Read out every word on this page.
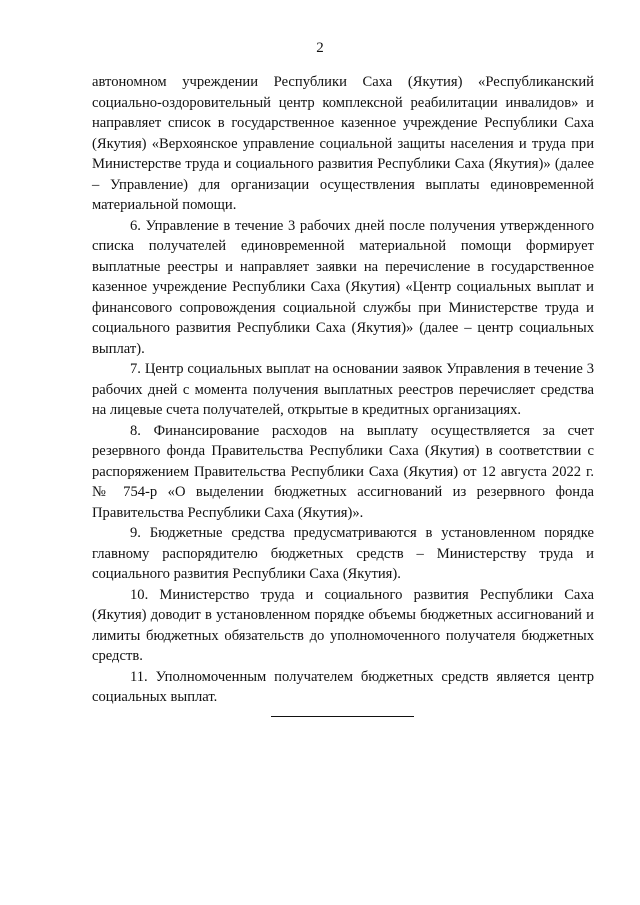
2

автономном учреждении Республики Саха (Якутия) «Республиканский социально-оздоровительный центр комплексной реабилитации инвалидов» и направляет список в государственное казенное учреждение Республики Саха (Якутия) «Верхоянское управление социальной защиты населения и труда при Министерстве труда и социального развития Республики Саха (Якутия)» (далее – Управление) для организации осуществления выплаты единовременной материальной помощи.

6. Управление в течение 3 рабочих дней после получения утвержденного списка получателей единовременной материальной помощи формирует выплатные реестры и направляет заявки на перечисление в государственное казенное учреждение Республики Саха (Якутия) «Центр социальных выплат и финансового сопровождения социальной службы при Министерстве труда и социального развития Республики Саха (Якутия)» (далее – центр социальных выплат).

7. Центр социальных выплат на основании заявок Управления в течение 3 рабочих дней с момента получения выплатных реестров перечисляет средства на лицевые счета получателей, открытые в кредитных организациях.

8. Финансирование расходов на выплату осуществляется за счет резервного фонда Правительства Республики Саха (Якутия) в соответствии с распоряжением Правительства Республики Саха (Якутия) от 12 августа 2022 г. № 754-р «О выделении бюджетных ассигнований из резервного фонда Правительства Республики Саха (Якутия)».

9. Бюджетные средства предусматриваются в установленном порядке главному распорядителю бюджетных средств – Министерству труда и социального развития Республики Саха (Якутия).

10. Министерство труда и социального развития Республики Саха (Якутия) доводит в установленном порядке объемы бюджетных ассигнований и лимиты бюджетных обязательств до уполномоченного получателя бюджетных средств.

11. Уполномоченным получателем бюджетных средств является центр социальных выплат.
